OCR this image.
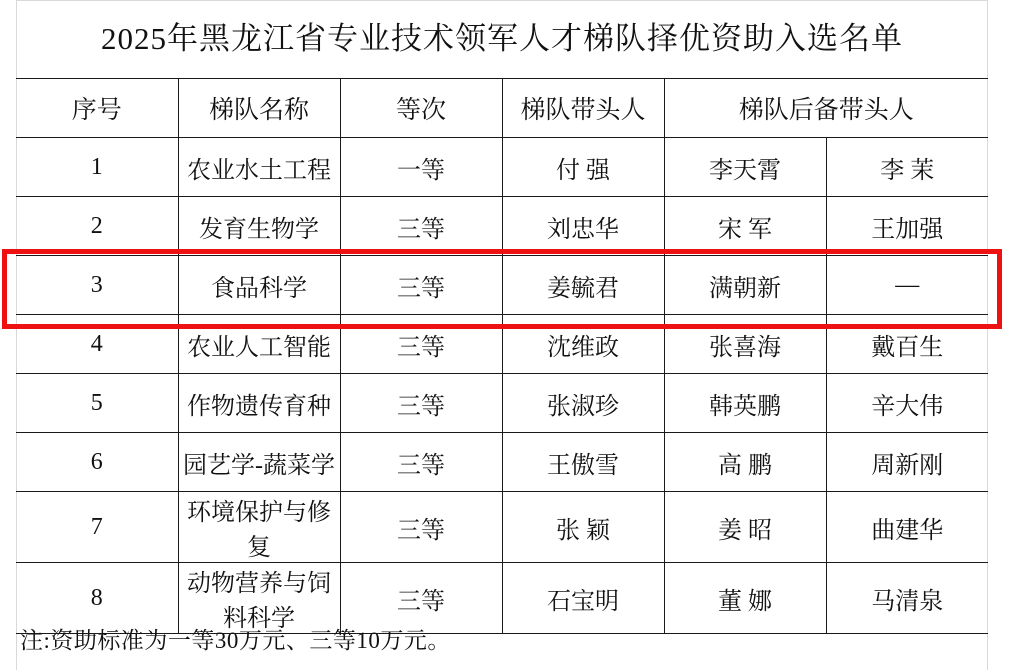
2025年黑龙江省专业技术领军人才梯队择优资助入选名单					

序号	梯队名称	等次	梯队带头人	梯队后备带头人	
1	农业水土工程	一等	付 强	李天霄	李 茉
2	发育生物学	三等	刘忠华	宋 军	王加强
3	食品科学	三等	姜毓君	满朝新	—
4	农业人工智能	三等	沈维政	张喜海	戴百生
5	作物遗传育种	三等	张淑珍	韩英鹏	辛大伟
6	园艺学-蔬菜学	三等	王傲雪	高 鹏	周新刚
7	环境保护与修复	三等	张 颖	姜 昭	曲建华
8	动物营养与饲料科学	三等	石宝明	董 娜	马清泉
注:资助标准为一等30万元、三等10万元。
